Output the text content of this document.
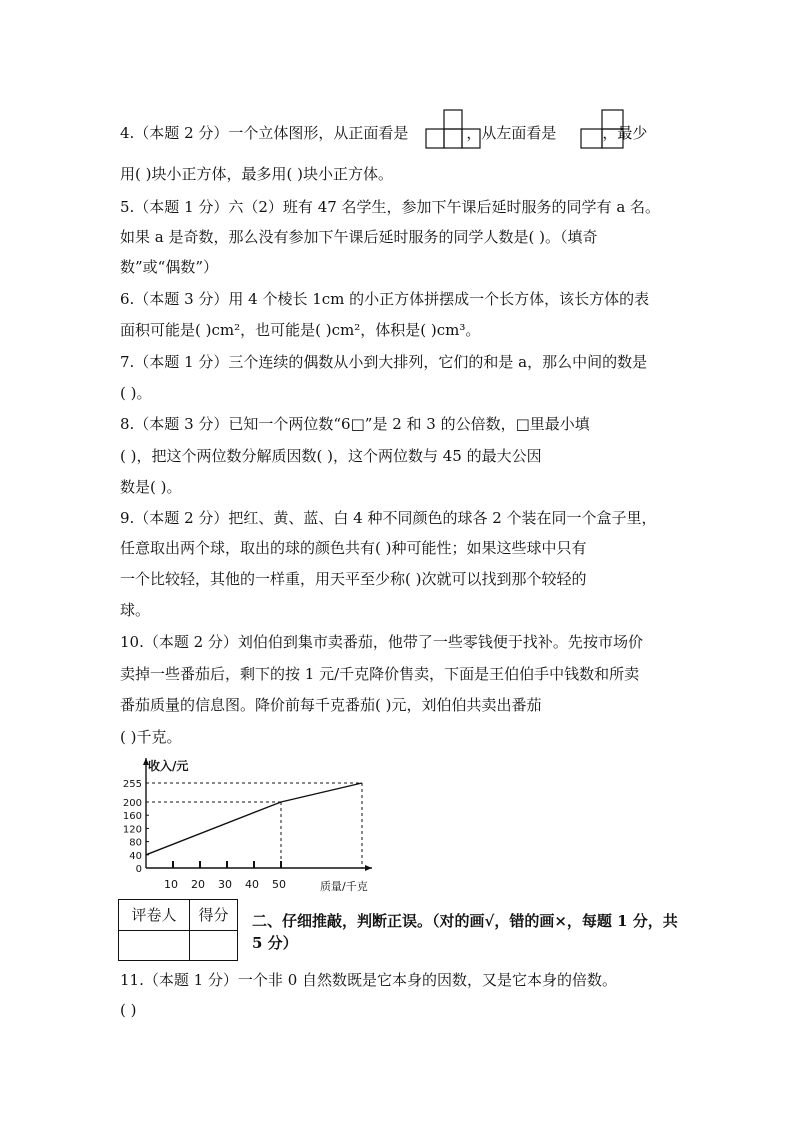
4.（本题 2 分）一个立体图形，从正面看是	，从左面看是	，最少
用( )块小正方体，最多用( )块小正方体。
5.（本题 1 分）六（2）班有 47 名学生，参加下午课后延时服务的同学有 a 名。
如果 a 是奇数，那么没有参加下午课后延时服务的同学人数是( )。（填奇
数”或“偶数”）
6.（本题 3 分）用 4 个棱长 1cm 的小正方体拼摆成一个长方体，该长方体的表
面积可能是( )cm²，也可能是( )cm²，体积是( )cm³。
7.（本题 1 分）三个连续的偶数从小到大排列，它们的和是 a，那么中间的数是
( )。
8.（本题 3 分）已知一个两位数“6□”是 2 和 3 的公倍数，□里最小填
( )，把这个两位数分解质因数( )，这个两位数与 45 的最大公因
数是( )。
9.（本题 2 分）把红、黄、蓝、白 4 种不同颜色的球各 2 个装在同一个盒子里，
任意取出两个球，取出的球的颜色共有( )种可能性；如果这些球中只有
一个比较轻，其他的一样重，用天平至少称( )次就可以找到那个较轻的
球。
10.（本题 2 分）刘伯伯到集市卖番茄，他带了一些零钱便于找补。先按市场价
卖掉一些番茄后，剩下的按 1 元/千克降价售卖，下面是王伯伯手中钱数和所卖
番茄质量的信息图。降价前每千克番茄( )元，刘伯伯共卖出番茄
( )千克。
0
40
80
120
160
200
255
10 20 30 40 50
收入/元
质量/千克
评卷人	得分
	二、仔细推敲，判断正误。（对的画√，错的画×，每题 1 分，共 5 分）
11.（本题 1 分）一个非 0 自然数既是它本身的因数，又是它本身的倍数。
( )
